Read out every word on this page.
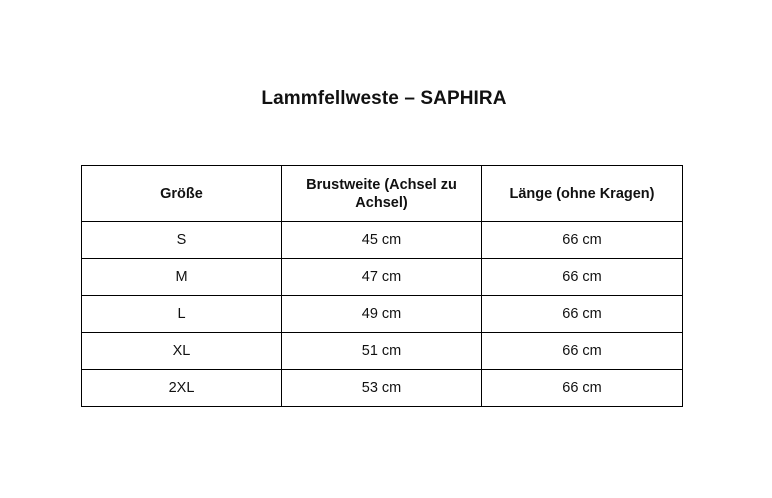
Lammfellweste – SAPHIRA
Größe	Brustweite (Achsel zu Achsel)	Länge (ohne Kragen)
S	45 cm	66 cm
M	47 cm	66 cm
L	49 cm	66 cm
XL	51 cm	66 cm
2XL	53 cm	66 cm
